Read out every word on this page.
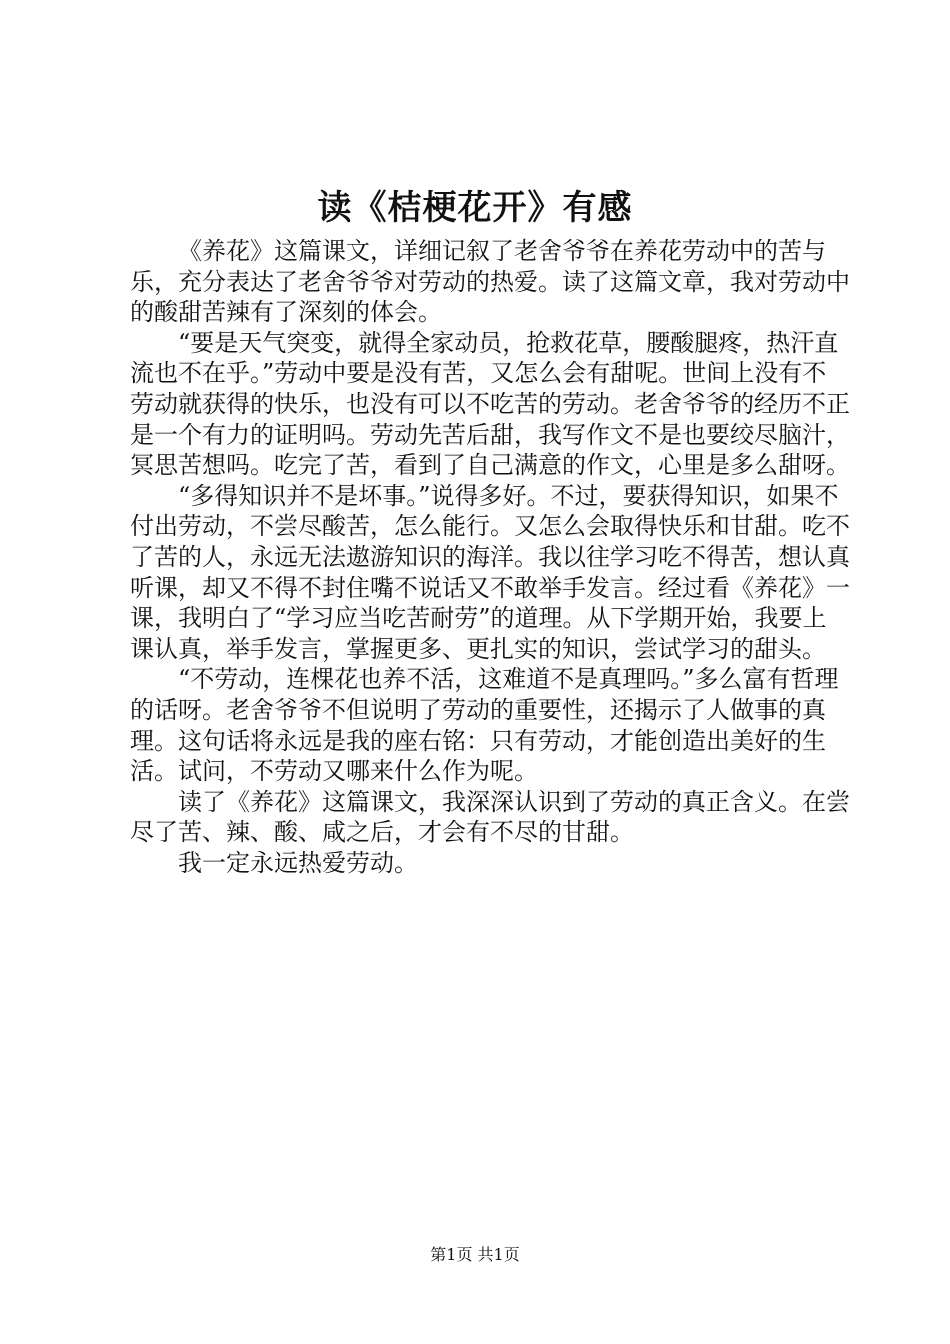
读《桔梗花开》有感

《养花》这篇课文，详细记叙了老舍爷爷在养花劳动中的苦与乐，充分表达了老舍爷爷对劳动的热爱。读了这篇文章，我对劳动中的酸甜苦辣有了深刻的体会。

“要是天气突变，就得全家动员，抢救花草，腰酸腿疼，热汗直流也不在乎。”劳动中要是没有苦，又怎么会有甜呢。世间上没有不劳动就获得的快乐，也没有可以不吃苦的劳动。老舍爷爷的经历不正是一个有力的证明吗。劳动先苦后甜，我写作文不是也要绞尽脑汁，冥思苦想吗。吃完了苦，看到了自己满意的作文，心里是多么甜呀。

“多得知识并不是坏事。”说得多好。不过，要获得知识，如果不付出劳动，不尝尽酸苦，怎么能行。又怎么会取得快乐和甘甜。吃不了苦的人，永远无法遨游知识的海洋。我以往学习吃不得苦，想认真听课，却又不得不封住嘴不说话又不敢举手发言。经过看《养花》一课，我明白了“学习应当吃苦耐劳”的道理。从下学期开始，我要上课认真，举手发言，掌握更多、更扎实的知识，尝试学习的甜头。

“不劳动，连棵花也养不活，这难道不是真理吗。”多么富有哲理的话呀。老舍爷爷不但说明了劳动的重要性，还揭示了人做事的真理。这句话将永远是我的座右铭：只有劳动，才能创造出美好的生活。试问，不劳动又哪来什么作为呢。

读了《养花》这篇课文，我深深认识到了劳动的真正含义。在尝尽了苦、辣、酸、咸之后，才会有不尽的甘甜。

我一定永远热爱劳动。

第1页 共1页
